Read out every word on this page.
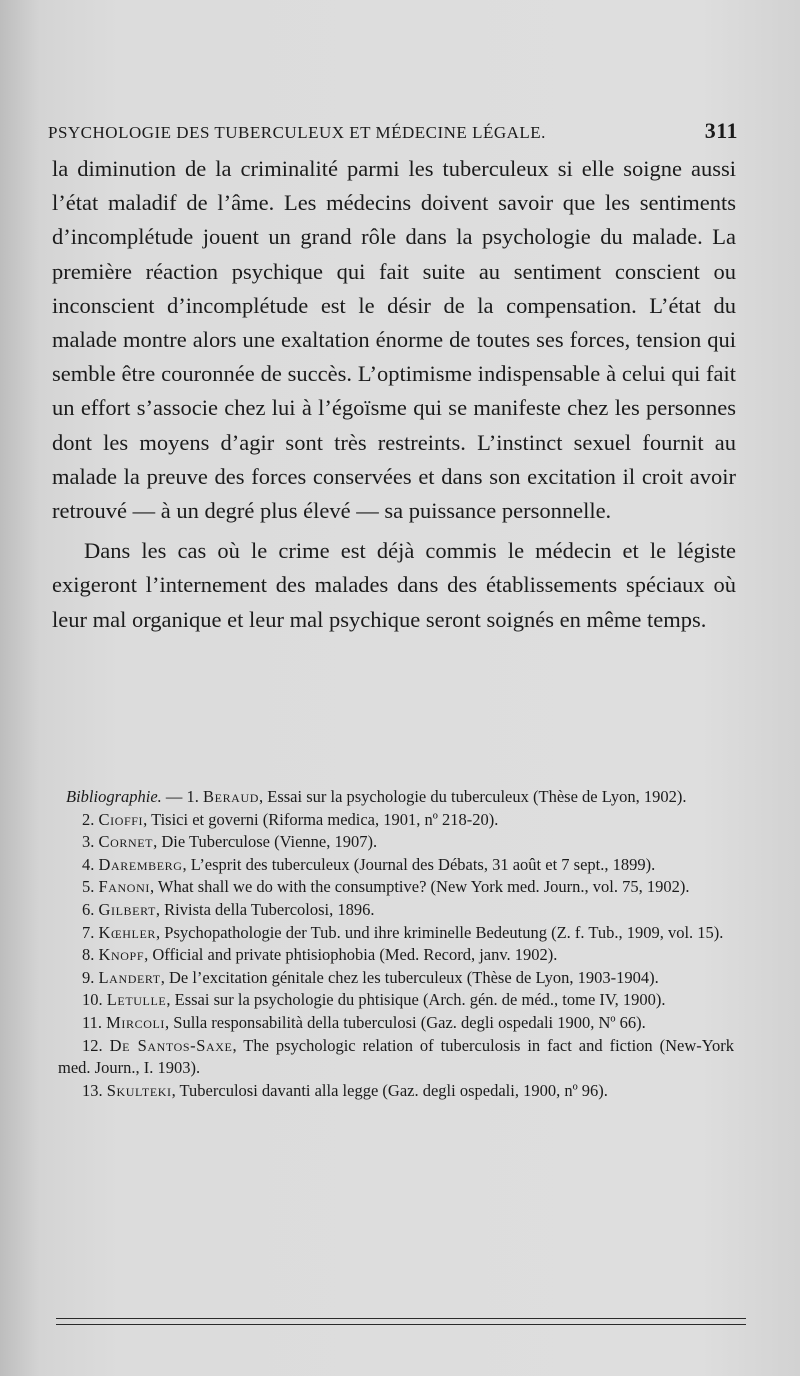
PSYCHOLOGIE DES TUBERCULEUX ET MÉDECINE LÉGALE.	311

la diminution de la criminalité parmi les tuberculeux si elle soigne aussi l’état maladif de l’âme. Les médecins doivent savoir que les sentiments d’incomplétude jouent un grand rôle dans la psychologie du malade. La première réaction psychique qui fait suite au sentiment conscient ou inconscient d’incomplétude est le désir de la compensation. L’état du malade montre alors une exaltation énorme de toutes ses forces, tension qui semble être couronnée de succès. L’optimisme indispensable à celui qui fait un effort s’associe chez lui à l’égoïsme qui se manifeste chez les personnes dont les moyens d’agir sont très restreints. L’instinct sexuel fournit au malade la preuve des forces conservées et dans son excitation il croit avoir retrouvé — à un degré plus élevé — sa puissance personnelle.

Dans les cas où le crime est déjà commis le médecin et le légiste exigeront l’internement des malades dans des établissements spéciaux où leur mal organique et leur mal psychique seront soignés en même temps.

Bibliographie. — 1. Beraud, Essai sur la psychologie du tuberculeux (Thèse de Lyon, 1902).

2. Cioffi, Tisici et governi (Riforma medica, 1901, nº 218-20).
3. Cornet, Die Tuberculose (Vienne, 1907).
4. Daremberg, L’esprit des tuberculeux (Journal des Débats, 31 août et 7 sept., 1899).
5. Fanoni, What shall we do with the consumptive? (New York med. Journ., vol. 75, 1902).
6. Gilbert, Rivista della Tubercolosi, 1896.
7. Kœhler, Psychopathologie der Tub. und ihre kriminelle Bedeutung (Z. f. Tub., 1909, vol. 15).
8. Knopf, Official and private phtisiophobia (Med. Record, janv. 1902).
9. Landert, De l’excitation génitale chez les tuberculeux (Thèse de Lyon, 1903-1904).
10. Letulle, Essai sur la psychologie du phtisique (Arch. gén. de méd., tome IV, 1900).
11. Mircoli, Sulla responsabilità della tuberculosi (Gaz. degli ospedali 1900, Nº 66).
12. De Santos-Saxe, The psychologic relation of tuberculosis in fact and fiction (New-York med. Journ., I. 1903).
13. Skulteki, Tuberculosi davanti alla legge (Gaz. degli ospedali, 1900, nº 96).
